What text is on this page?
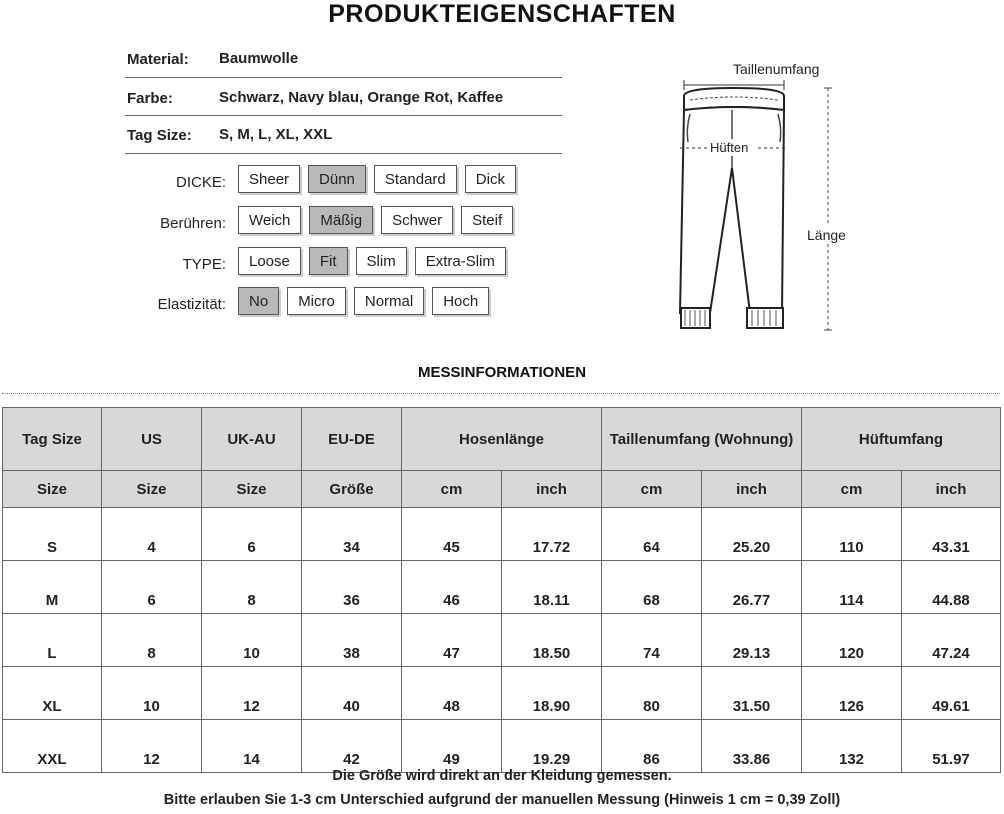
PRODUKTEIGENSCHAFTEN
Material: Baumwolle
Farbe:	Schwarz, Navy blau, Orange Rot, Kaffee
Tag Size: S, M, L, XL, XXL
DICKE:	Sheer	Dünn	Standard	Dick
Berühren:	Weich	Mäßig	Schwer	Steif
TYPE:	Loose	Fit	Slim	Extra-Slim
Elastizität:	No	Micro	Normal	Hoch
Taillenumfang
Hüften
Länge
MESSINFORMATIONEN
Tag Size	US	UK-AU	EU-DE	Hosenlänge		Taillenumfang (Wohnung)		Hüftumfang	
Size	Size	Size	Größe	cm	inch	cm	inch	cm	inch
S	4	6	34	45	17.72	64	25.20	110	43.31
M	6	8	36	46	18.11	68	26.77	114	44.88
L	8	10	38	47	18.50	74	29.13	120	47.24
XL	10	12	40	48	18.90	80	31.50	126	49.61
XXL	12	14	42	49	19.29	86	33.86	132	51.97
Die Größe wird direkt an der Kleidung gemessen.
Bitte erlauben Sie 1-3 cm Unterschied aufgrund der manuellen Messung (Hinweis 1 cm = 0,39 Zoll)
